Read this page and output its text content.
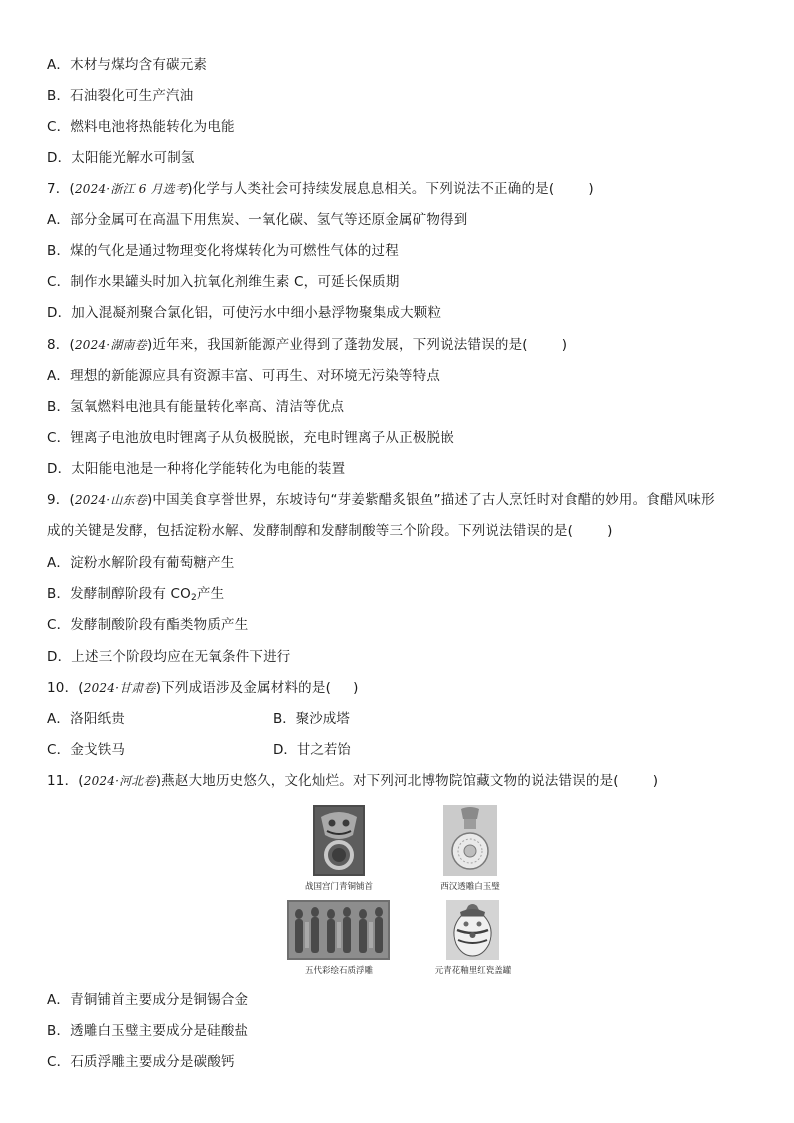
A．木材与煤均含有碳元素
B．石油裂化可生产汽油
C．燃料电池将热能转化为电能
D．太阳能光解水可制氢
7．(2024·浙江 6 月选考)化学与人类社会可持续发展息息相关。下列说法不正确的是(	)
A．部分金属可在高温下用焦炭、一氧化碳、氢气等还原金属矿物得到
B．煤的气化是通过物理变化将煤转化为可燃性气体的过程
C．制作水果罐头时加入抗氧化剂维生素 C，可延长保质期
D．加入混凝剂聚合氯化铝，可使污水中细小悬浮物聚集成大颗粒
8．(2024·湖南卷)近年来，我国新能源产业得到了蓬勃发展，下列说法错误的是(	)
A．理想的新能源应具有资源丰富、可再生、对环境无污染等特点
B．氢氧燃料电池具有能量转化率高、清洁等优点
C．锂离子电池放电时锂离子从负极脱嵌，充电时锂离子从正极脱嵌
D．太阳能电池是一种将化学能转化为电能的装置
9．(2024·山东卷)中国美食享誉世界，东坡诗句“芽姜紫醋炙银鱼”描述了古人烹饪时对食醋的妙用。食醋风味形
成的关键是发酵，包括淀粉水解、发酵制醇和发酵制酸等三个阶段。下列说法错误的是(	)
A．淀粉水解阶段有葡萄糖产生
B．发酵制醇阶段有 $CO_2$产生
C．发酵制酸阶段有酯类物质产生
D．上述三个阶段均应在无氧条件下进行
10．(2024·甘肃卷)下列成语涉及金属材料的是( )
A．洛阳纸贵	B．聚沙成塔
C．金戈铁马	D．甘之若饴
11．(2024·河北卷)燕赵大地历史悠久，文化灿烂。对下列河北博物院馆藏文物的说法错误的是(	)
战国宫门青铜铺首	西汉透雕白玉璧
五代彩绘石质浮雕	元青花釉里红瓷盖罐
A．青铜铺首主要成分是铜锡合金
B．透雕白玉璧主要成分是硅酸盐
C．石质浮雕主要成分是碳酸钙
